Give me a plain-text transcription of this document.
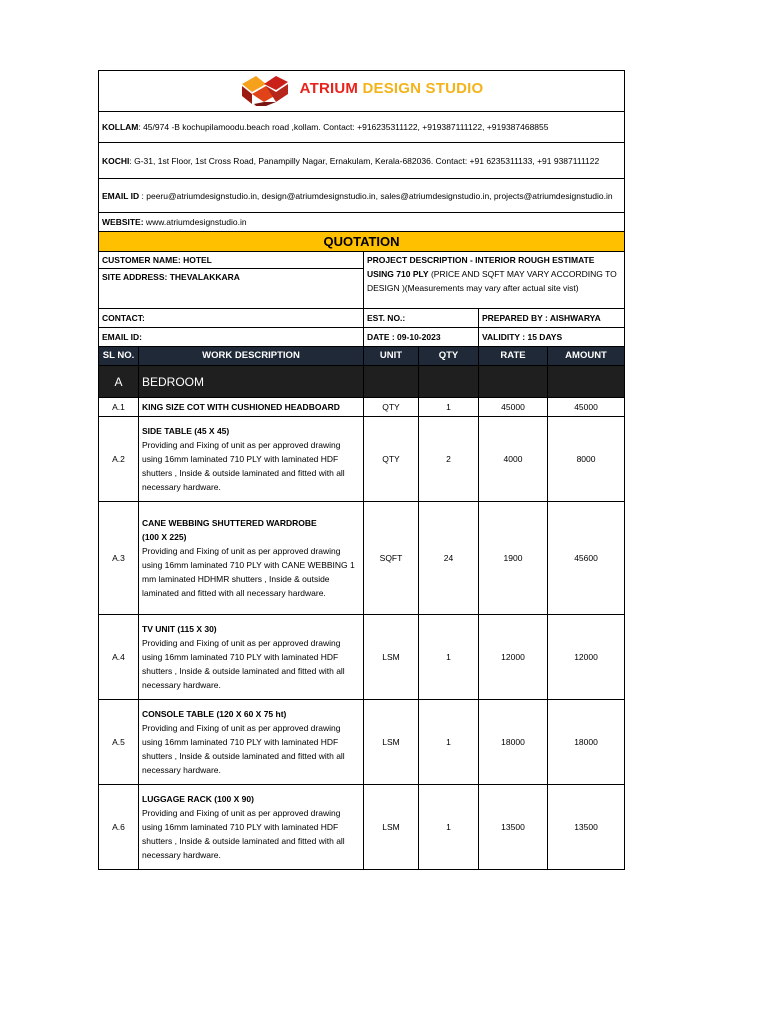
ATRIUM DESIGN STUDIO					

KOLLAM: 45/974 -B kochupilamoodu.beach road ,kollam. Contact: +916235311122, +919387111122, +919387468855					
KOCHI: G-31, 1st Floor, 1st Cross Road, Panampilly Nagar, Ernakulam, Kerala-682036. Contact: +91 6235311133, +91 9387111122					
EMAIL ID : peeru@atriumdesignstudio.in, design@atriumdesignstudio.in, sales@atriumdesignstudio.in, projects@atriumdesignstudio.in					
WEBSITE: www.atriumdesignstudio.in					
QUOTATION					
CUSTOMER NAME: HOTEL		PROJECT DESCRIPTION - INTERIOR ROUGH ESTIMATE USING 710 PLY (PRICE AND SQFT MAY VARY ACCORDING TO DESIGN )(Measurements may vary after actual site vist)			
SITE ADDRESS: THEVALAKKARA					
CONTACT:		EST. NO.:		PREPARED BY : AISHWARYA	
EMAIL ID:		DATE : 09-10-2023		VALIDITY : 15 DAYS	
SL NO.	WORK DESCRIPTION	UNIT	QTY	RATE	AMOUNT
A	BEDROOM				
A.1	KING SIZE COT WITH CUSHIONED HEADBOARD	QTY	1	45000	45000
A.2	SIDE TABLE (45 X 45)
Providing and Fixing of unit as per approved drawing using 16mm laminated 710 PLY with laminated HDF shutters , Inside & outside laminated and fitted with all necessary hardware.	QTY	2	4000	8000
A.3	CANE WEBBING SHUTTERED WARDROBE
(100 X 225)
Providing and Fixing of unit as per approved drawing using 16mm laminated 710 PLY with CANE WEBBING 1 mm laminated HDHMR shutters , Inside & outside laminated and fitted with all necessary hardware.	SQFT	24	1900	45600
A.4	TV UNIT (115 X 30)
Providing and Fixing of unit as per approved drawing using 16mm laminated 710 PLY with laminated HDF shutters , Inside & outside laminated and fitted with all necessary hardware.	LSM	1	12000	12000
A.5	CONSOLE TABLE (120 X 60 X 75 ht)
Providing and Fixing of unit as per approved drawing using 16mm laminated 710 PLY with laminated HDF shutters , Inside & outside laminated and fitted with all necessary hardware.	LSM	1	18000	18000
A.6	LUGGAGE RACK (100 X 90)
Providing and Fixing of unit as per approved drawing using 16mm laminated 710 PLY with laminated HDF shutters , Inside & outside laminated and fitted with all necessary hardware.	LSM	1	13500	13500
